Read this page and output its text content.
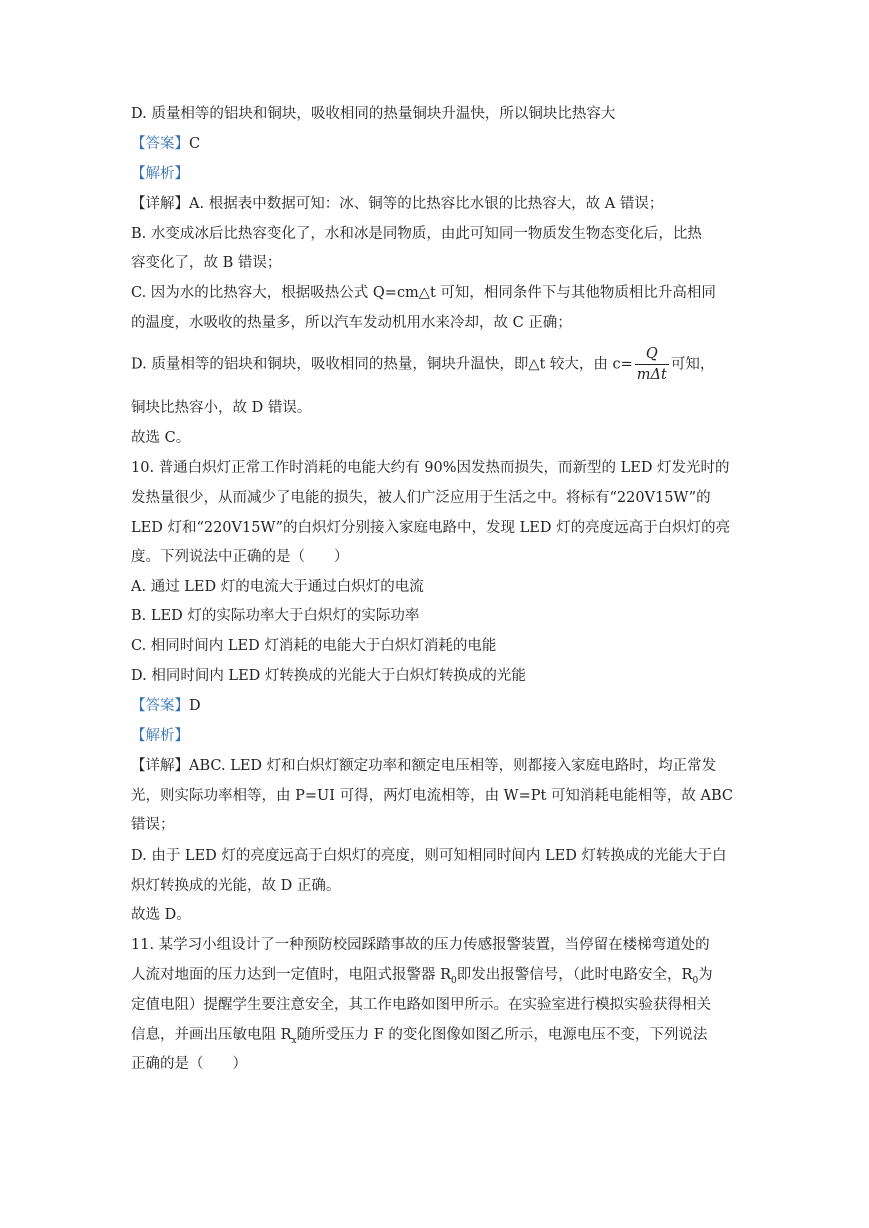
D. 质量相等的铝块和铜块，吸收相同的热量铜块升温快，所以铜块比热容大
【答案】C
【解析】
【详解】A. 根据表中数据可知：冰、铜等的比热容比水银的比热容大，故 A 错误；
B. 水变成冰后比热容变化了，水和冰是同物质，由此可知同一物质发生物态变化后，比热
容变化了，故 B 错误；
C. 因为水的比热容大，根据吸热公式 Q=cm△t 可知，相同条件下与其他物质相比升高相同
的温度，水吸收的热量多，所以汽车发动机用水来冷却，故 C 正确；
D. 质量相等的铝块和铜块，吸收相同的热量，铜块升温快，即△t 较大，由 $c= \frac{Q}{\text{mΔt}}$ 可知，
铜块比热容小，故 D 错误。
故选 C。
10. 普通白炽灯正常工作时消耗的电能大约有 90%因发热而损失，而新型的 LED 灯发光时的
发热量很少，从而减少了电能的损失，被人们广泛应用于生活之中。将标有“220V15W”的
LED 灯和“220V15W”的白炽灯分别接入家庭电路中，发现 LED 灯的亮度远高于白炽灯的亮
度。下列说法中正确的是（　　）
A. 通过 LED 灯的电流大于通过白炽灯的电流
B. LED 灯的实际功率大于白炽灯的实际功率
C. 相同时间内 LED 灯消耗的电能大于白炽灯消耗的电能
D. 相同时间内 LED 灯转换成的光能大于白炽灯转换成的光能
【答案】D
【解析】
【详解】ABC. LED 灯和白炽灯额定功率和额定电压相等，则都接入家庭电路时，均正常发
光，则实际功率相等，由 P=UI 可得，两灯电流相等，由 W=Pt 可知消耗电能相等，故 ABC
错误；
D. 由于 LED 灯的亮度远高于白炽灯的亮度，则可知相同时间内 LED 灯转换成的光能大于白
炽灯转换成的光能，故 D 正确。
故选 D。
11. 某学习小组设计了一种预防校园踩踏事故的压力传感报警装置，当停留在楼梯弯道处的
人流对地面的压力达到一定值时，电阻式报警器 $R_0$即发出报警信号，（此时电路安全，$R_0$为
定值电阻）提醒学生要注意安全，其工作电路如图甲所示。在实验室进行模拟实验获得相关
信息，并画出压敏电阻 $R_x$随所受压力 F 的变化图像如图乙所示，电源电压不变，下列说法
正确的是（　　）
